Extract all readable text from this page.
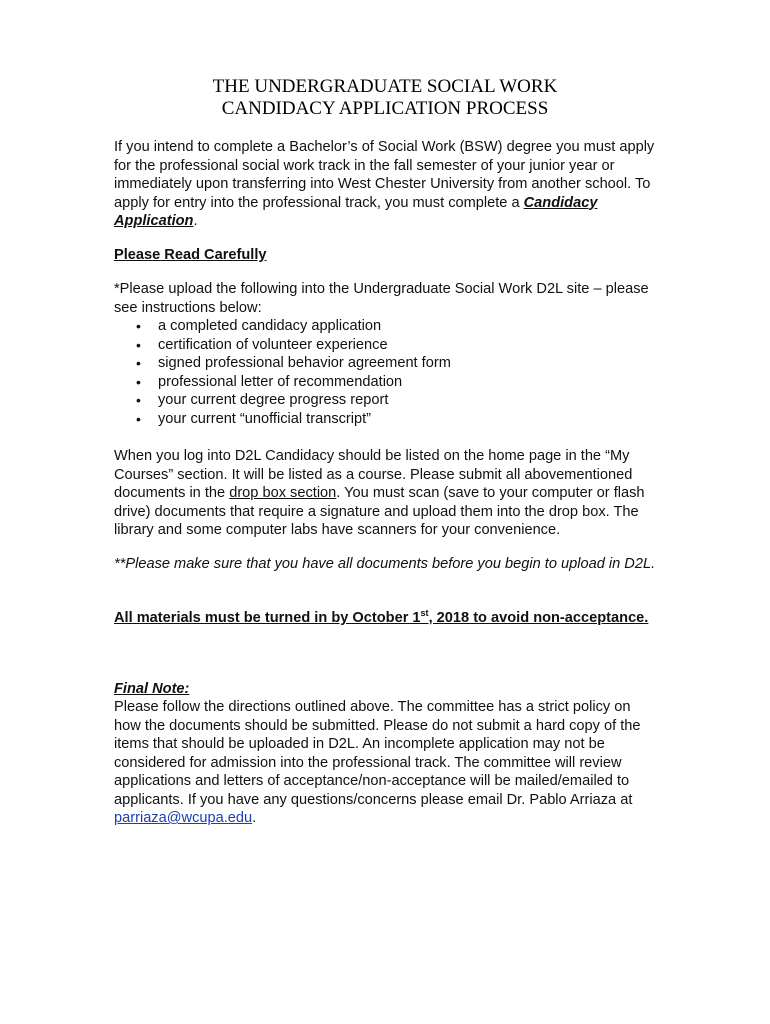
THE UNDERGRADUATE SOCIAL WORK
CANDIDACY APPLICATION PROCESS
If you intend to complete a Bachelor’s of Social Work (BSW) degree you must apply for the professional social work track in the fall semester of your junior year or immediately upon transferring into West Chester University from another school. To apply for entry into the professional track, you must complete a Candidacy Application.
Please Read Carefully
*Please upload the following into the Undergraduate Social Work D2L site – please see instructions below:
• a completed candidacy application
• certification of volunteer experience
• signed professional behavior agreement form
• professional letter of recommendation
• your current degree progress report
• your current “unofficial transcript”
When you log into D2L Candidacy should be listed on the home page in the “My Courses” section. It will be listed as a course. Please submit all abovementioned documents in the drop box section. You must scan (save to your computer or flash drive) documents that require a signature and upload them into the drop box. The library and some computer labs have scanners for your convenience.
**Please make sure that you have all documents before you begin to upload in D2L.
All materials must be turned in by October 1st, 2018 to avoid non-acceptance.
Final Note:
Please follow the directions outlined above. The committee has a strict policy on how the documents should be submitted. Please do not submit a hard copy of the items that should be uploaded in D2L. An incomplete application may not be considered for admission into the professional track. The committee will review applications and letters of acceptance/non-acceptance will be mailed/emailed to applicants. If you have any questions/concerns please email Dr. Pablo Arriaza at parriaza@wcupa.edu.
